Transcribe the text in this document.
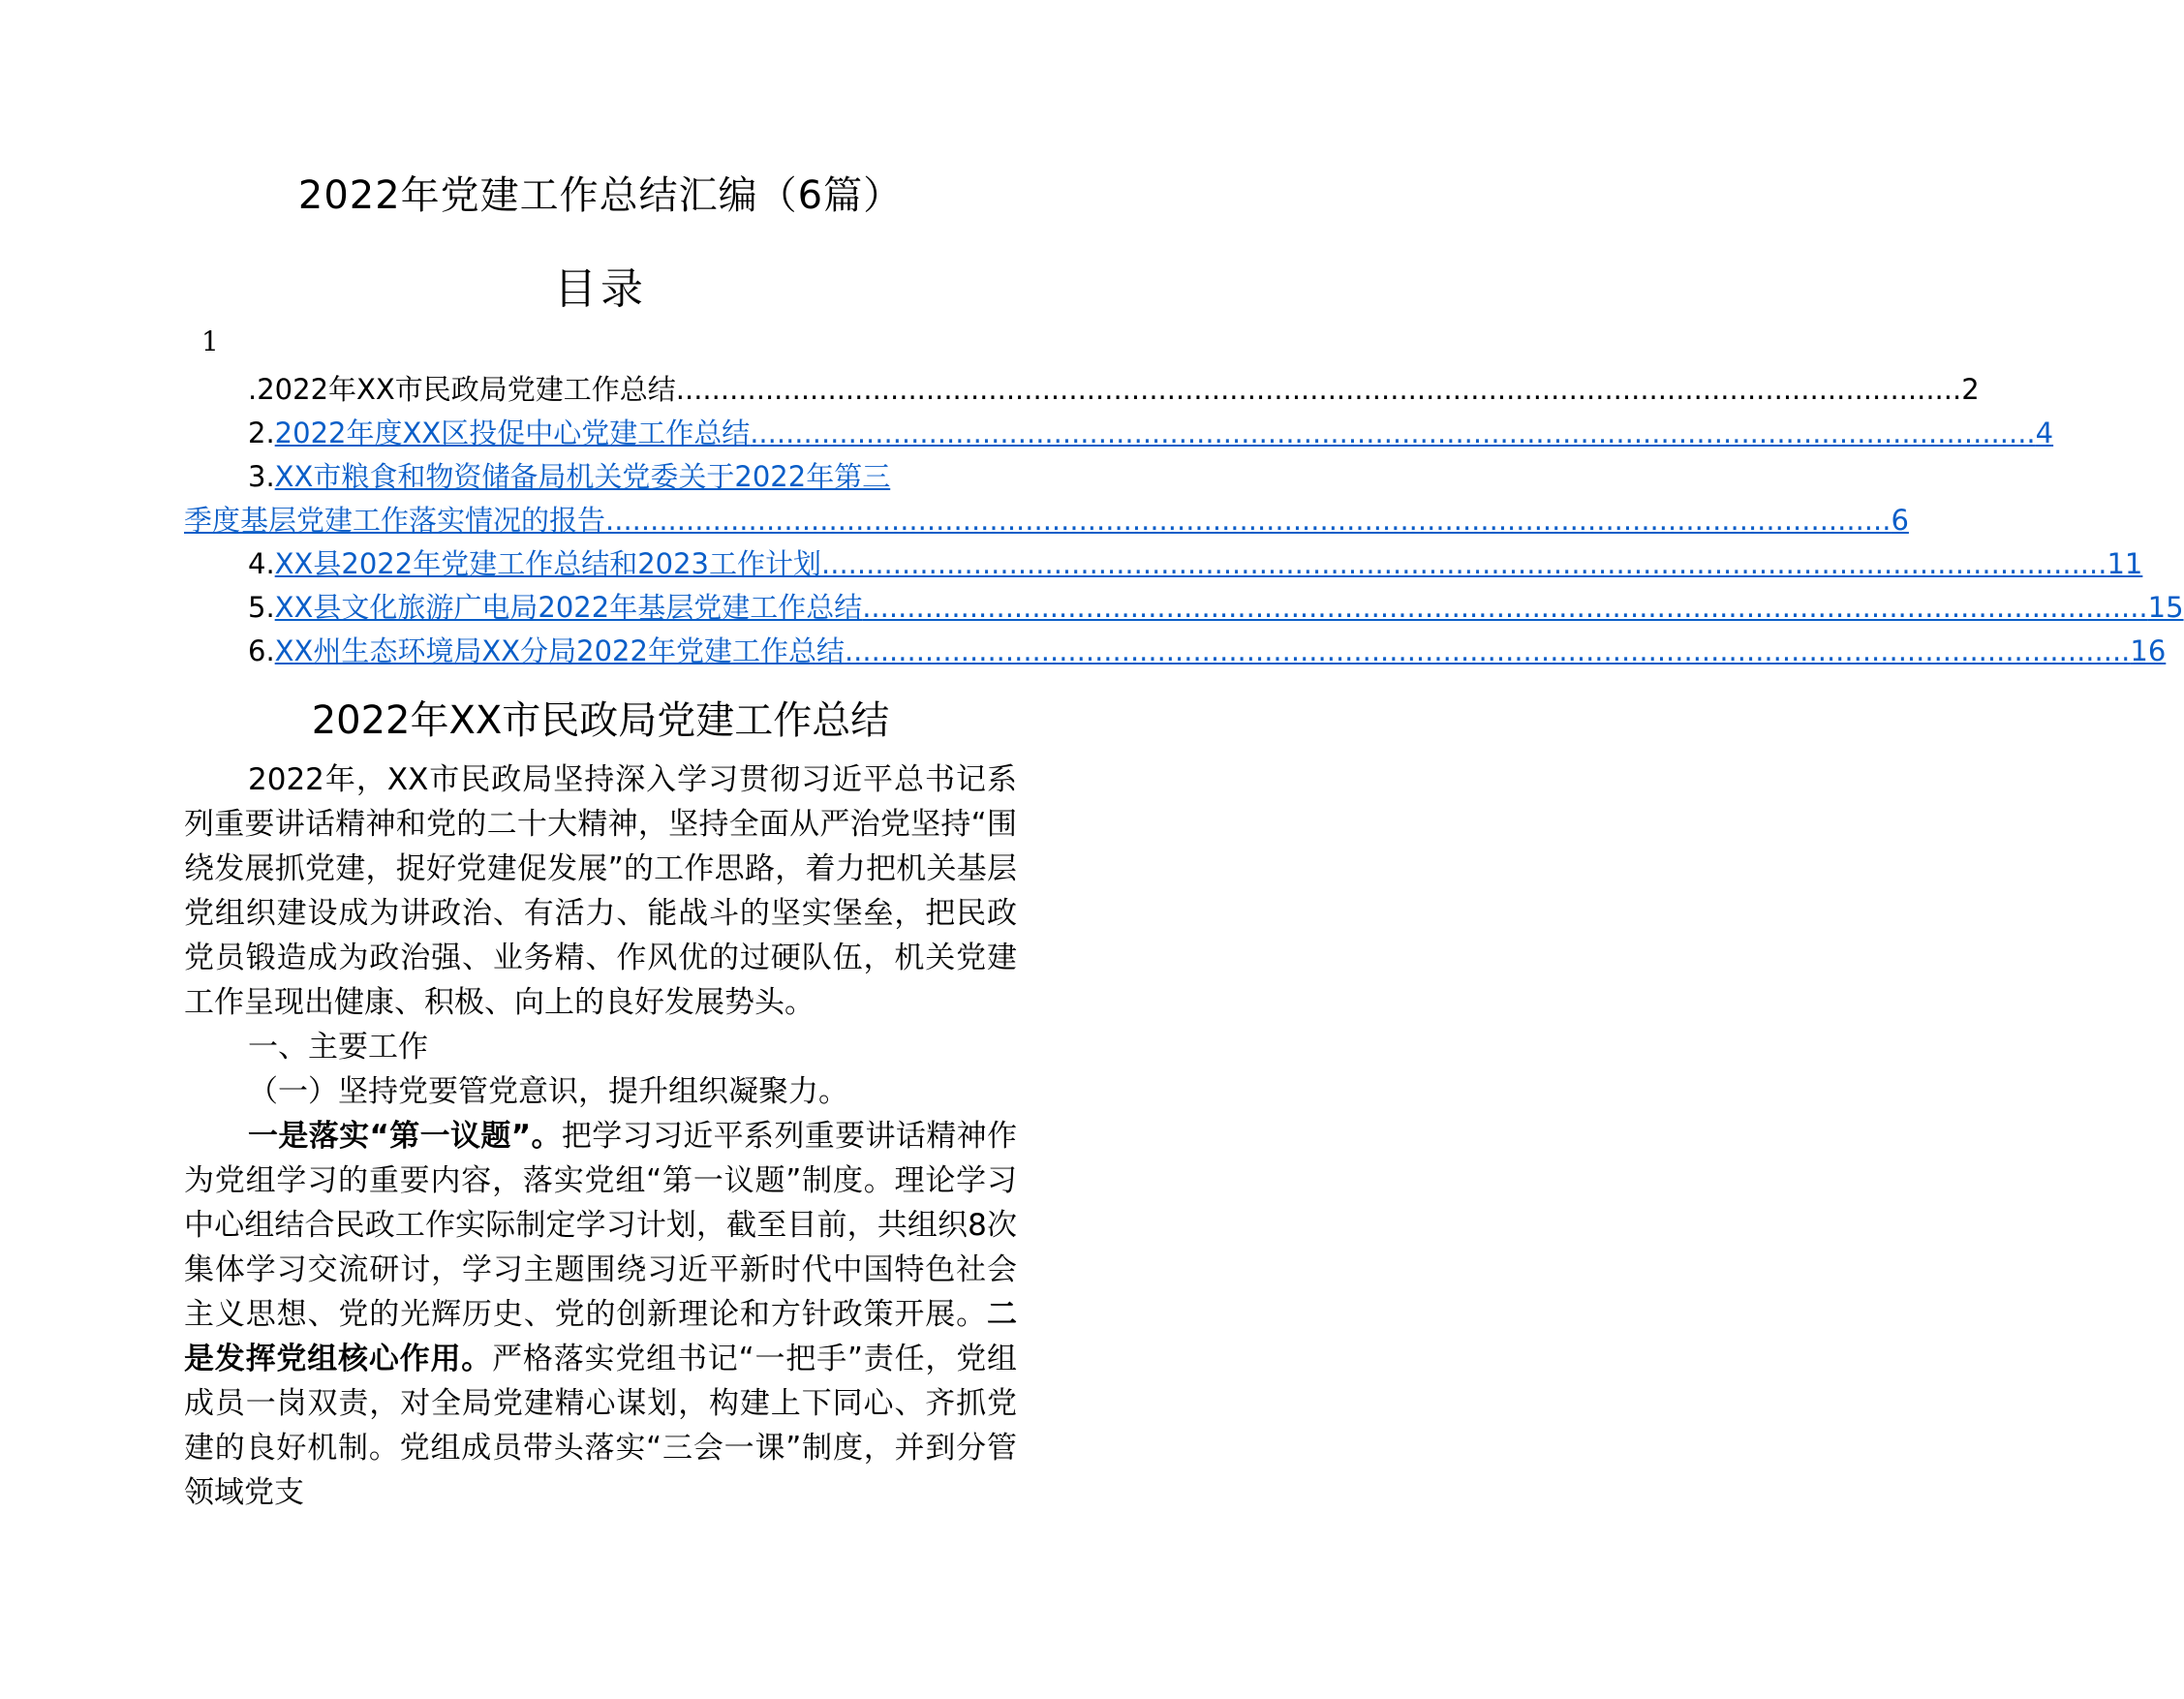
2022年党建工作总结汇编（6篇）
目录
1
. 2022年XX市民政局党建工作总结 .....	2
2. 2022年度XX区投促中心党建工作总结 .....	4
3. XX市粮食和物资储备局机关党委关于2022年第三
季度基层党建工作落实情况的报告 .....	6
4. XX县2022年党建工作总结和2023工作计划 .....	11
5. XX县文化旅游广电局2022年基层党建工作总结 .....	15
6. XX州生态环境局XX分局2022年党建工作总结 .....	16
2022年XX市民政局党建工作总结

2022年，XX市民政局坚持深入学习贯彻习近平总书记系列重要讲话精神和党的二十大精神，坚持全面从严治党坚持“围绕发展抓党建，捉好党建促发展”的工作思路，着力把机关基层党组织建设成为讲政治、有活力、能战斗的坚实堡垒，把民政党员锻造成为政治强、业务精、作风优的过硬队伍，机关党建工作呈现出健康、积极、向上的良好发展势头。

一、主要工作

（一）坚持党要管党意识，提升组织凝聚力。

一是落实“第一议题”。把学习习近平系列重要讲话精神作为党组学习的重要内容，落实党组“第一议题”制度。理论学习中心组结合民政工作实际制定学习计划，截至目前，共组织8次集体学习交流研讨，学习主题围绕习近平新时代中国特色社会主义思想、党的光辉历史、党的创新理论和方针政策开展。二是发挥党组核心作用。严格落实党组书记“一把手”责任，党组成员一岗双责，对全局党建精心谋划，构建上下同心、齐抓党建的良好机制。党组成员带头落实“三会一课”制度，并到分管领域党支
